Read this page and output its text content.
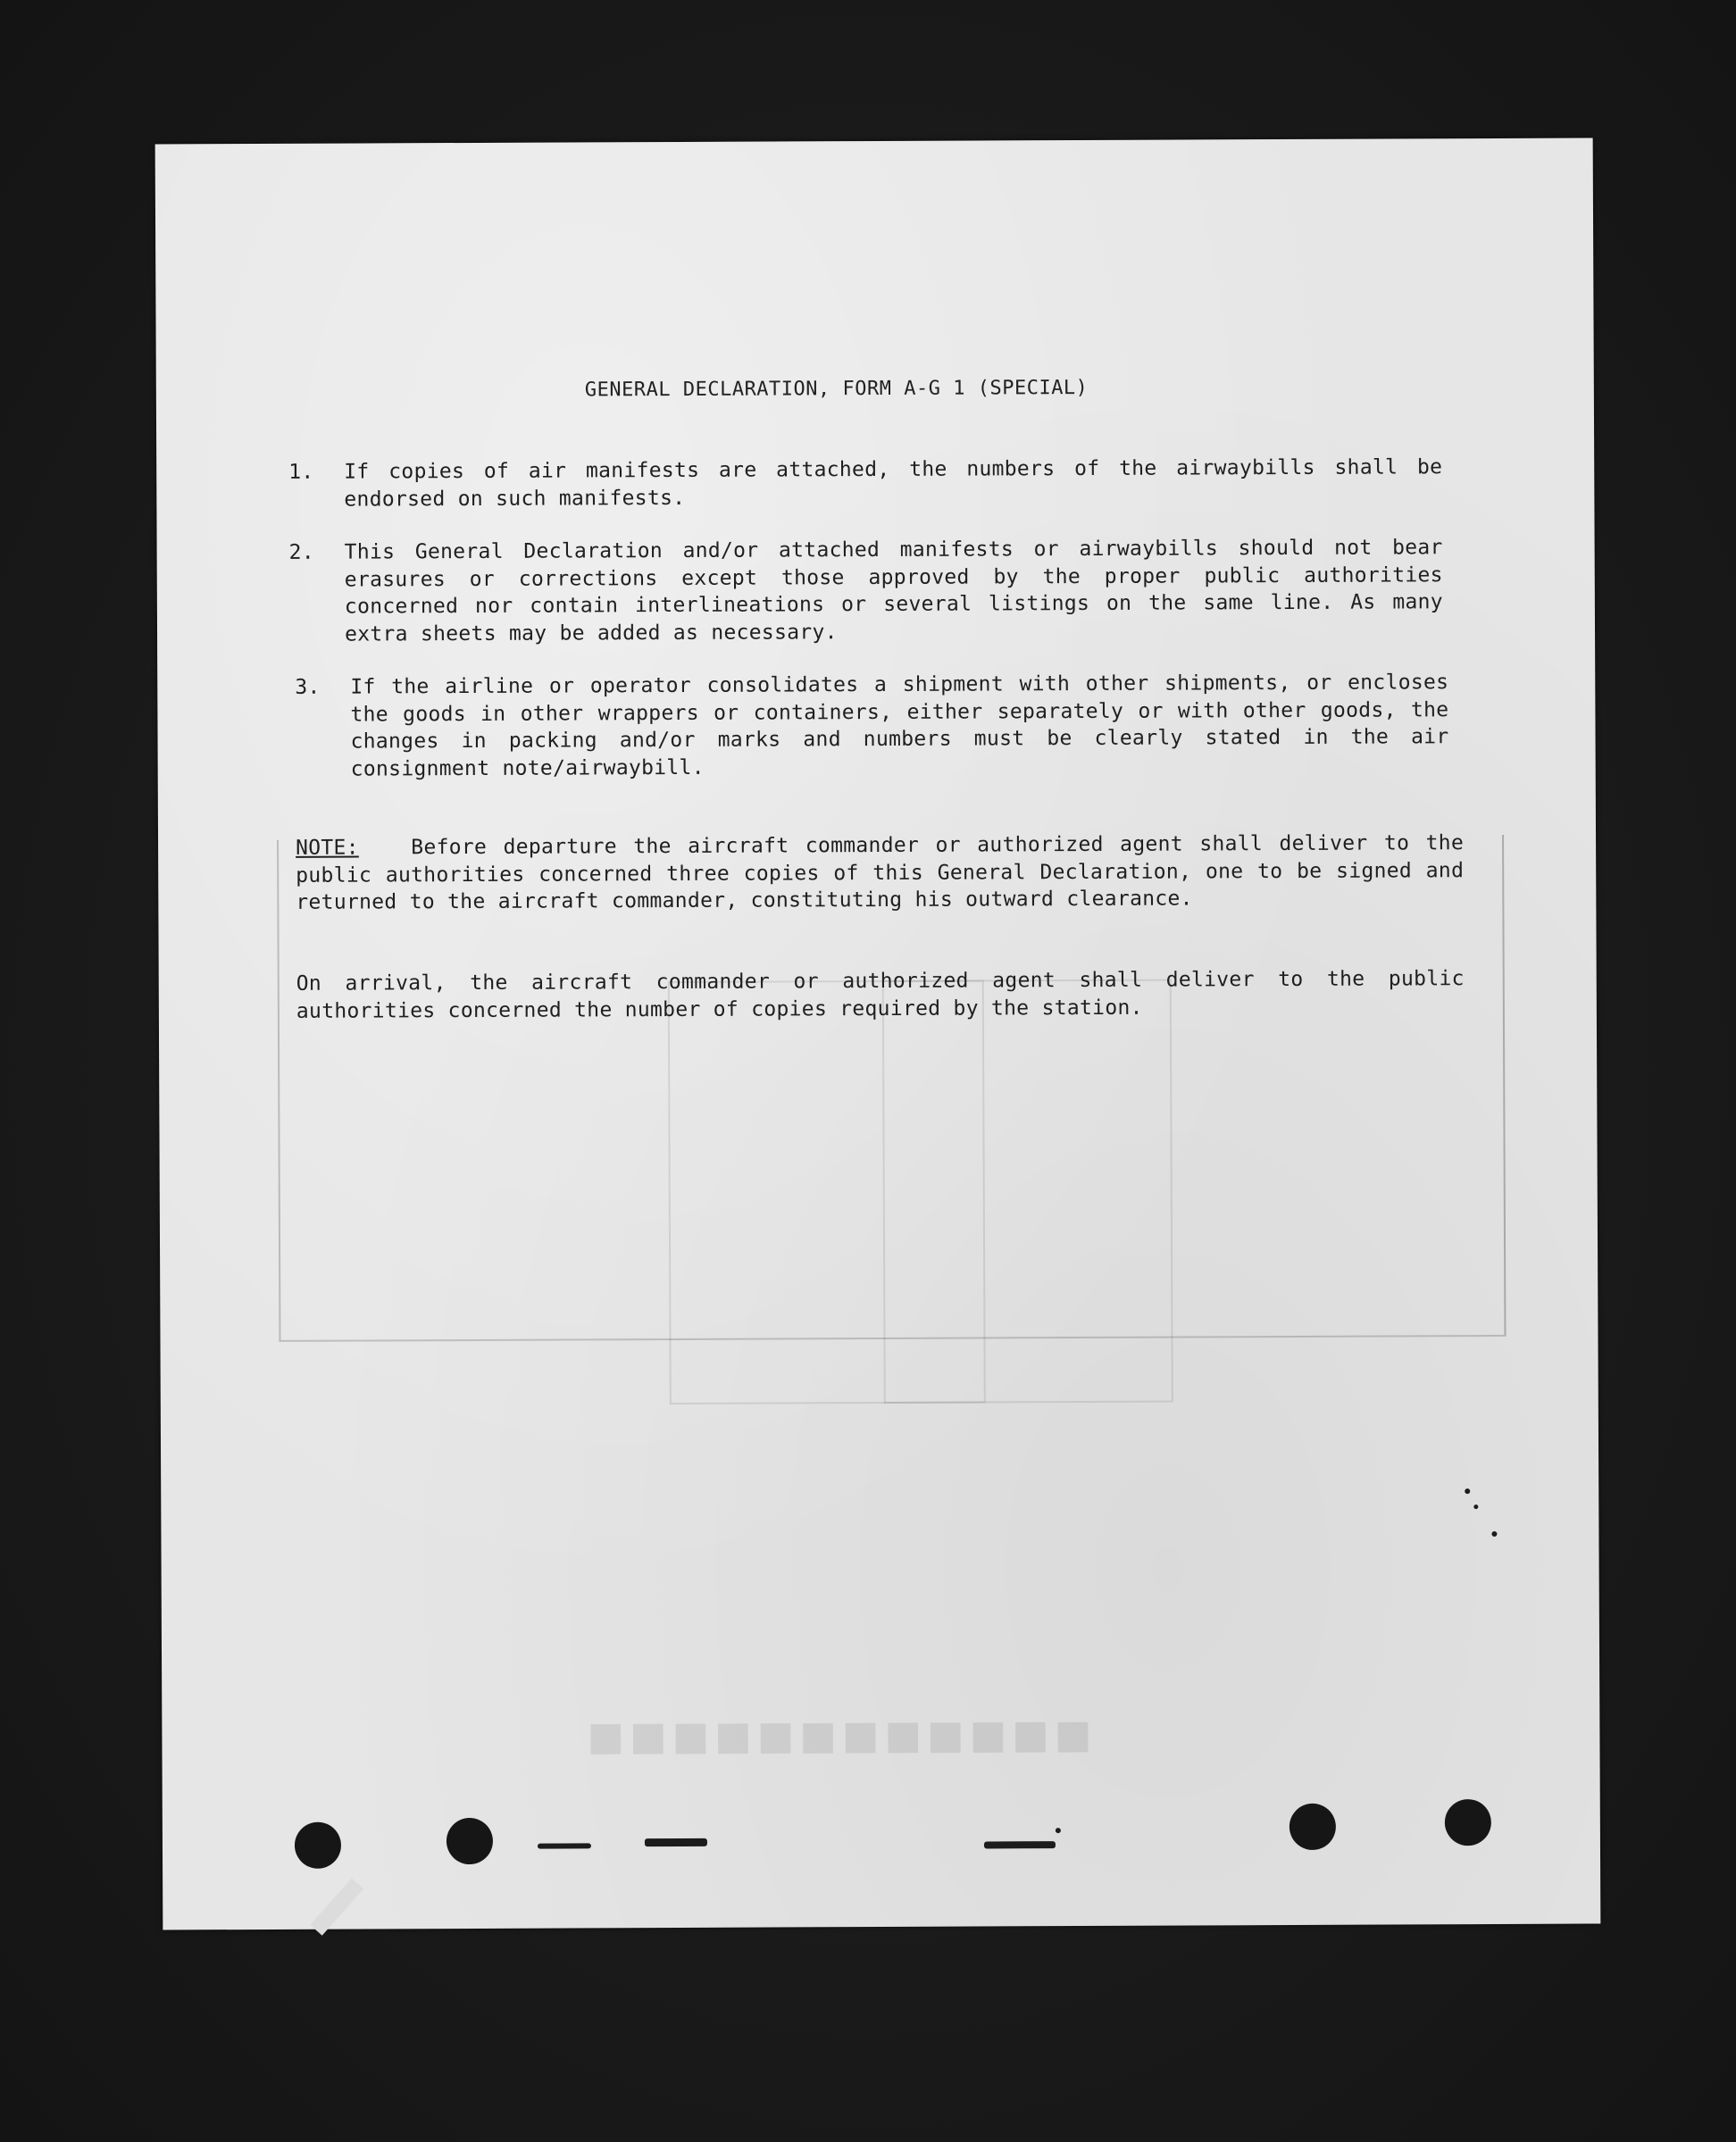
■■■■■■■■■■■■
GENERAL DECLARATION, FORM A-G 1 (SPECIAL)
1. If copies of air manifests are attached, the numbers of the airwaybills shall be endorsed on such manifests.
2. This General Declaration and/or attached manifests or airwaybills should not bear erasures or corrections except those approved by the proper public authorities concerned nor contain interlineations or several listings on the same line. As many extra sheets may be added as necessary.
3. If the airline or operator consolidates a shipment with other shipments, or encloses the goods in other wrappers or containers, either separately or with other goods, the changes in packing and/or marks and numbers must be clearly stated in the air consignment note/airwaybill.
NOTE:	Before departure the aircraft commander or authorized agent shall deliver to the public authorities concerned three copies of this General Declaration, one to be signed and returned to the aircraft commander, constituting his outward clearance.
On arrival, the aircraft commander or authorized agent shall deliver to the public authorities concerned the number of copies required by the station.
